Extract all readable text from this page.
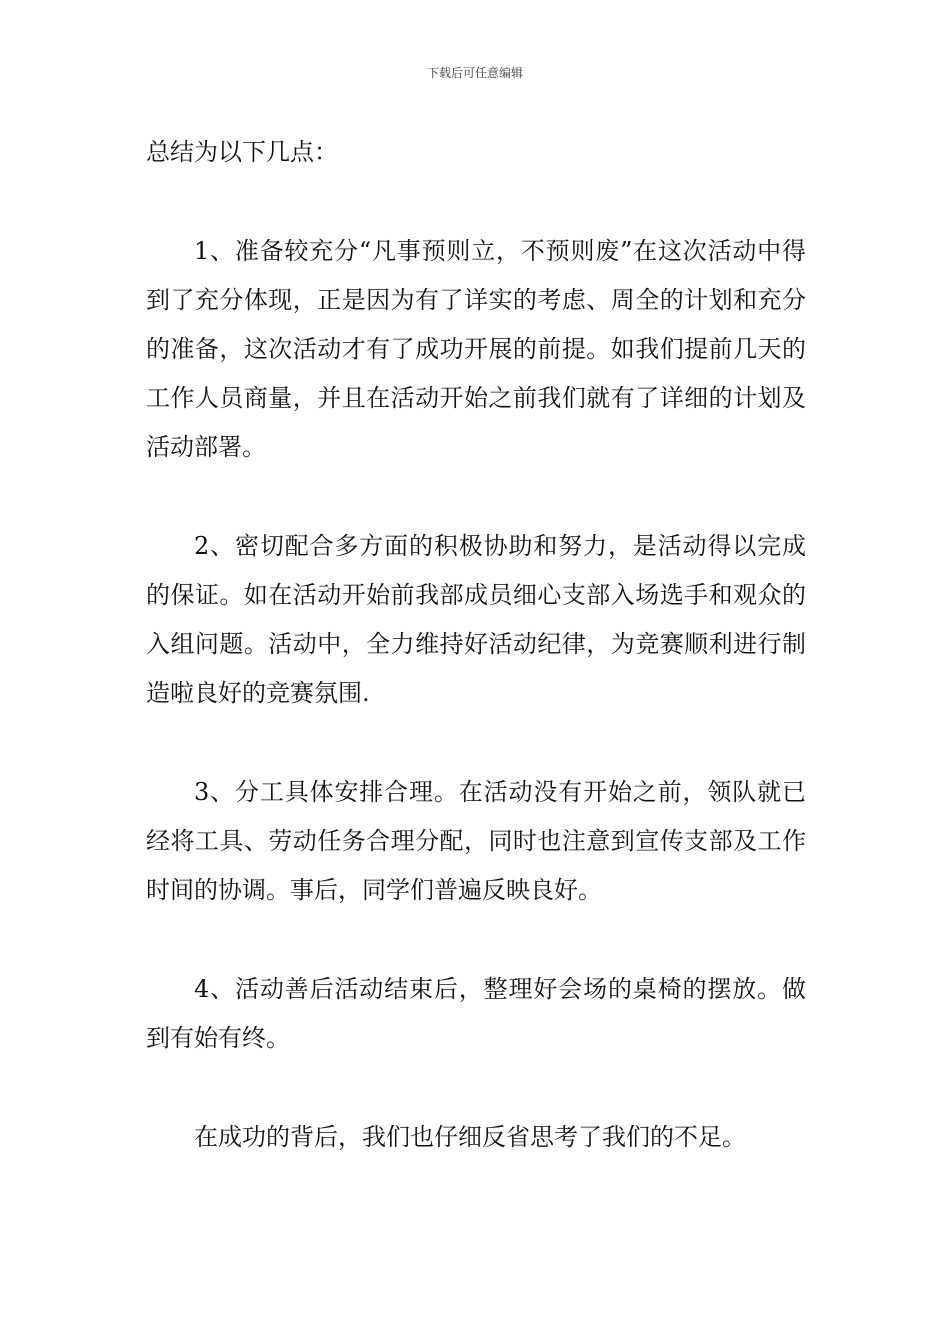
下载后可任意编辑

总结为以下几点：

1、准备较充分“凡事预则立，不预则废”在这次活动中得到了充分体现，正是因为有了详实的考虑、周全的计划和充分的准备，这次活动才有了成功开展的前提。如我们提前几天的工作人员商量，并且在活动开始之前我们就有了详细的计划及活动部署。

2、密切配合多方面的积极协助和努力，是活动得以完成的保证。如在活动开始前我部成员细心支部入场选手和观众的入组问题。活动中，全力维持好活动纪律，为竞赛顺利进行制造啦良好的竞赛氛围.

3、分工具体安排合理。在活动没有开始之前，领队就已经将工具、劳动任务合理分配，同时也注意到宣传支部及工作时间的协调。事后，同学们普遍反映良好。

4、活动善后活动结束后，整理好会场的桌椅的摆放。做到有始有终。

在成功的背后，我们也仔细反省思考了我们的不足。
